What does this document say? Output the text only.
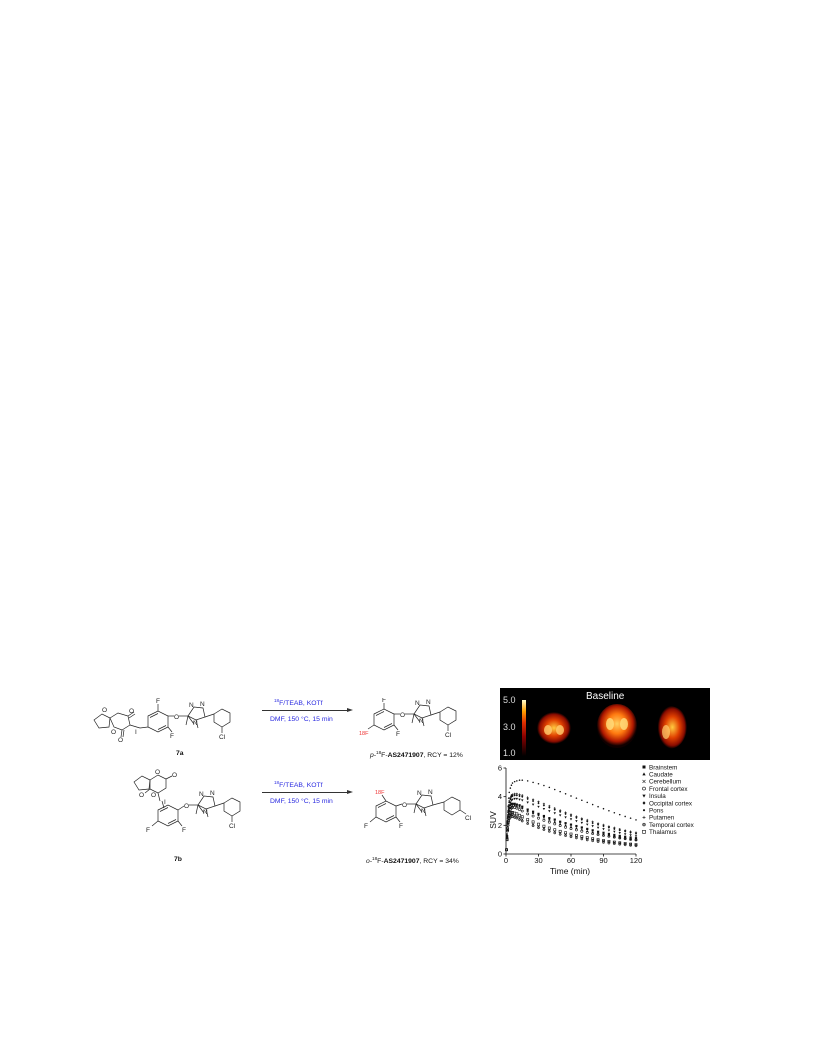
O
O
O
O
I
F
F
O
N N
N
Cl
7a
$^{18}$F/TEAB, KOTf
DMF, 150 °C, 15 min
F
F
18F
O
N N
N
Cl
p-$^{18}$F-AS2471907, RCY = 12%
O
O
O O
I
F	F
O
N N
N
Cl
7b
$^{18}$F/TEAB, KOTf
DMF, 150 °C, 15 min
18F
F
F
O
N N
N
Cl
o-$^{18}$F-AS2471907, RCY = 34%
5.0
3.0
1.0
Baseline
0	30	60	90	120
0
2
4
6	Brainstem
Caudate
Cerebellum
Frontal cortex
Insula
Occipital cortex
Pons
Putamen
Temporal cortex
Thalamus
Time (min)
SUV
